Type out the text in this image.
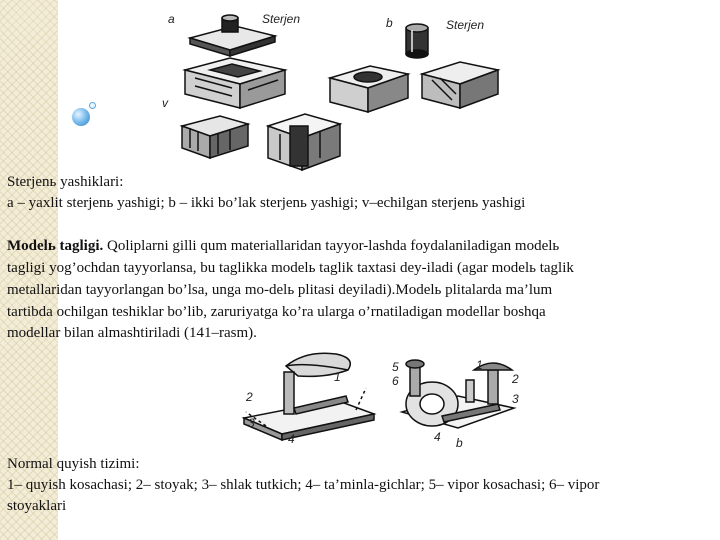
a	Sterjen	b	Sterjen
v
Sterjenь yashiklari:
a – yaxlit sterjenь yashigi; b – ikki bo’lak sterjenь yashigi; v–echilgan sterjenь yashigi
Modelь tagligi. Qoliplarni gilli qum materiallaridan tayyor-lashda foydalaniladigan modelь
tagligi yog’ochdan tayyorlansa, bu taglikka modelь taglik taxtasi dey-iladi (agar modelь taglik
metallaridan tayyorlangan bo’lsa, unga mo-delь plitasi deyiladi).Modelь plitalarda ma’lum
tartibda ochilgan teshiklar bo’lib, zaruriyatga ko’ra ularga o’rnatiladigan modellar boshqa
modellar bilan almashtiriladi (141–rasm).
1
2
3
4
5
6
1
2
3
4 b
Normal quyish tizimi:
1– quyish kosachasi; 2– stoyak; 3– shlak tutkich; 4– ta’minla-gichlar; 5– vipor kosachasi; 6– vipor
stoyaklari
